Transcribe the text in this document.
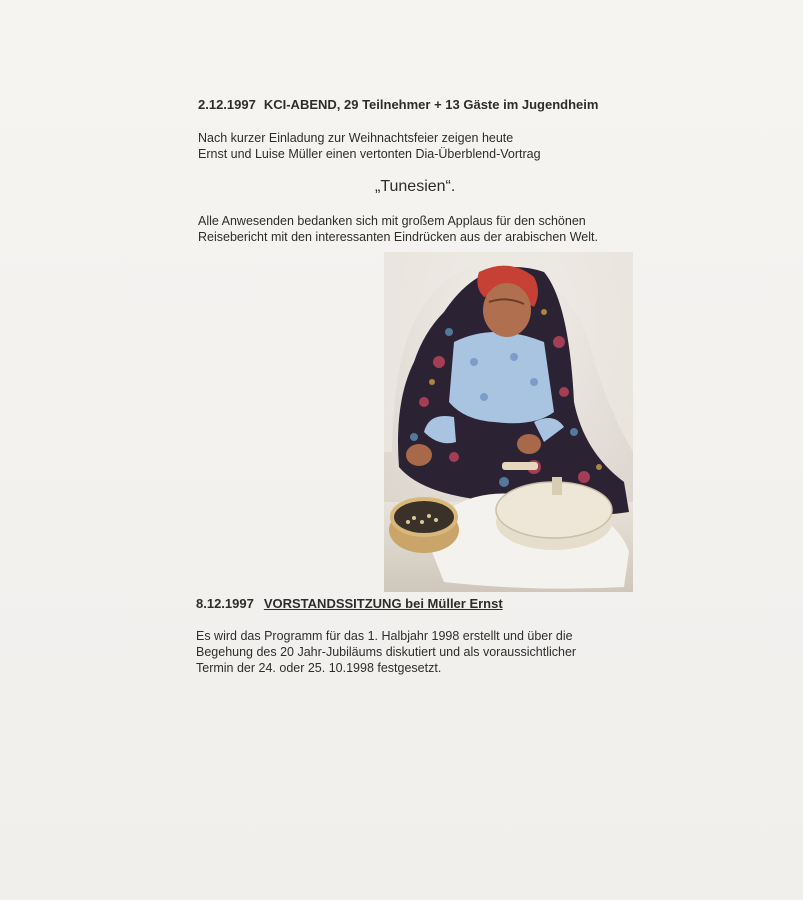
2.12.1997 KCI-ABEND, 29 Teilnehmer + 13 Gäste im Jugendheim
Nach kurzer Einladung zur Weihnachtsfeier zeigen heute
Ernst und Luise Müller einen vertonten Dia-Überblend-Vortrag
„Tunesien“.
Alle Anwesenden bedanken sich mit großem Applaus für den schönen
Reisebericht mit den interessanten Eindrücken aus der arabischen Welt.
8.12.1997 VORSTANDSSITZUNG bei Müller Ernst
Es wird das Programm für das 1. Halbjahr 1998 erstellt und über die
Begehung des 20 Jahr-Jubiläums diskutiert und als voraussichtlicher
Termin der 24. oder 25. 10.1998 festgesetzt.
